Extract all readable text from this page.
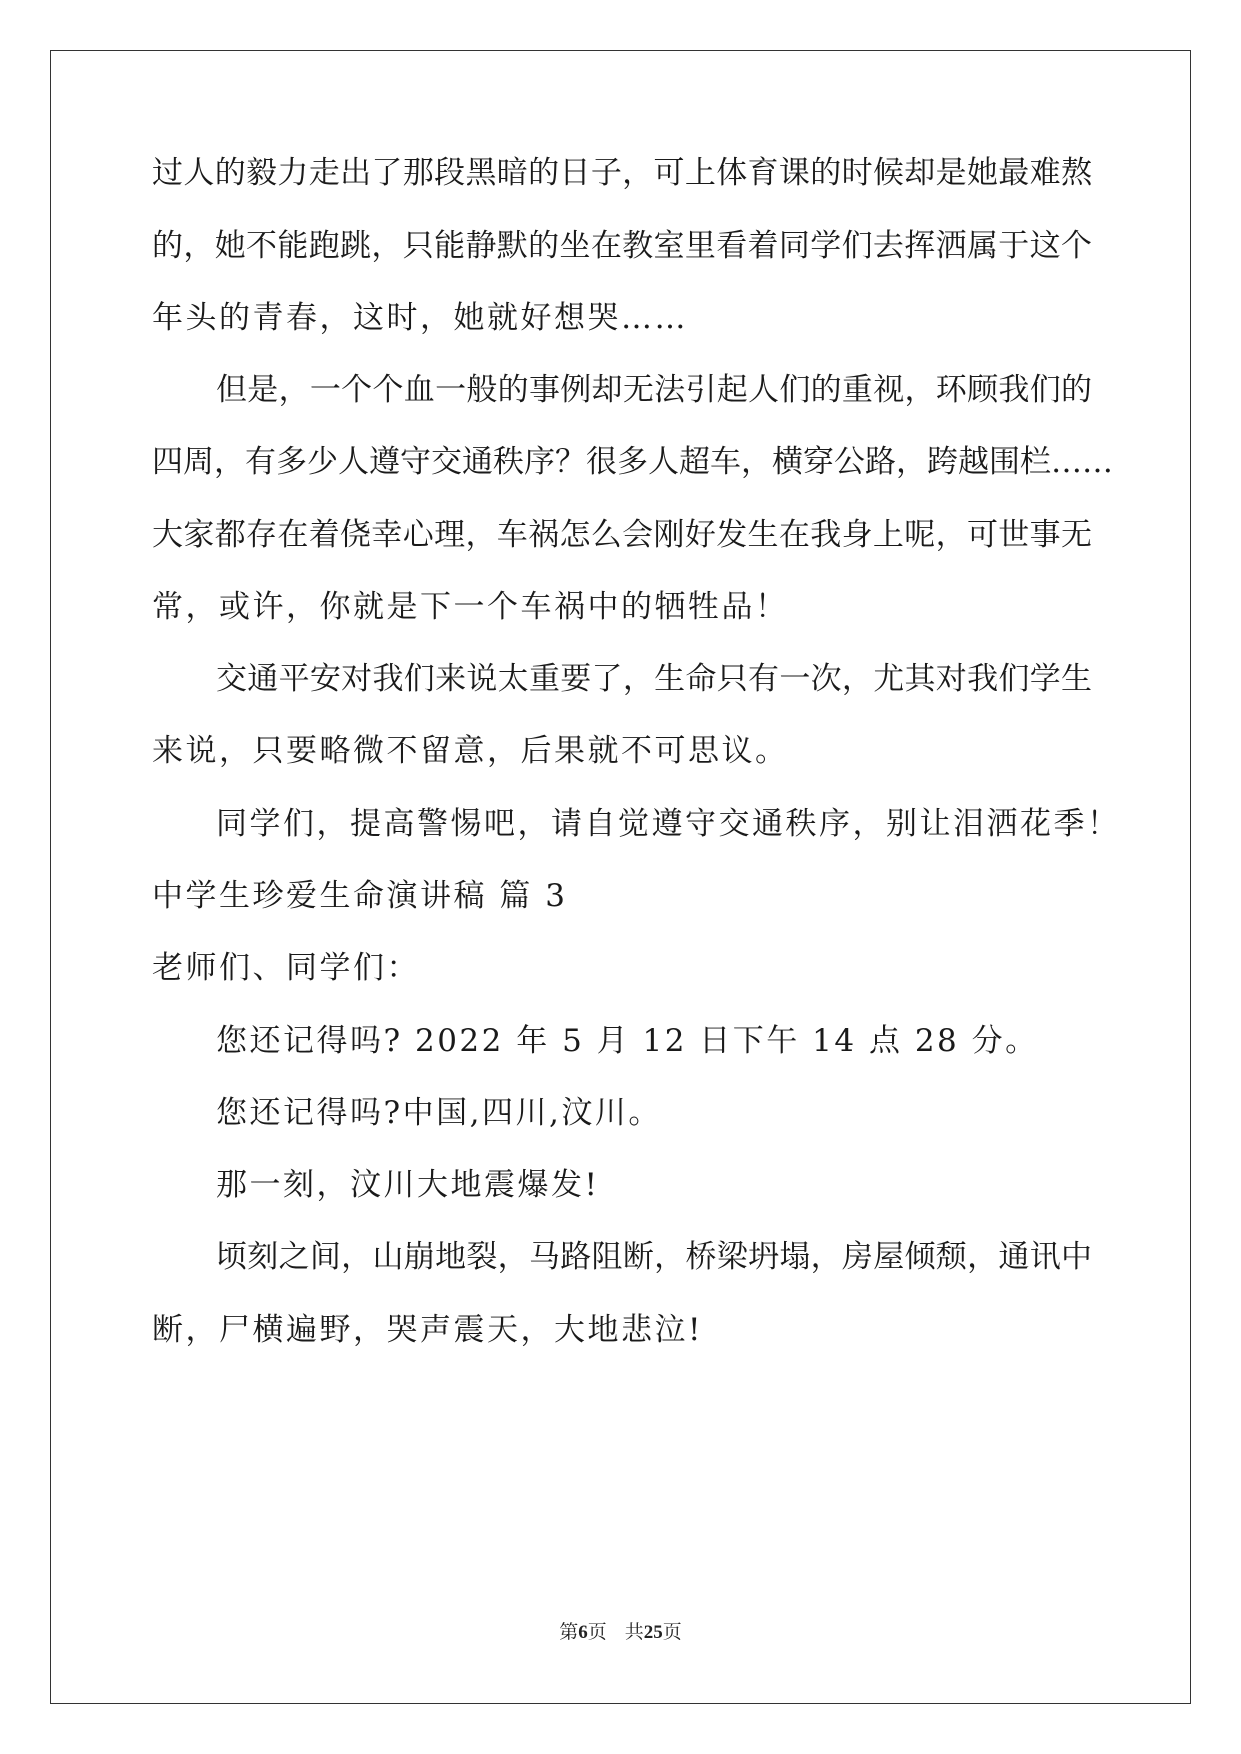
过人的毅力走出了那段黑暗的日子，可上体育课的时候却是她最难熬
的，她不能跑跳，只能静默的坐在教室里看着同学们去挥洒属于这个
年头的青春，这时，她就好想哭……
但是，一个个血一般的事例却无法引起人们的重视，环顾我们的
四周，有多少人遵守交通秩序？很多人超车，横穿公路，跨越围栏……
大家都存在着侥幸心理，车祸怎么会刚好发生在我身上呢，可世事无
常，或许，你就是下一个车祸中的牺牲品！
交通平安对我们来说太重要了，生命只有一次，尤其对我们学生
来说，只要略微不留意，后果就不可思议。
同学们，提高警惕吧，请自觉遵守交通秩序，别让泪洒花季！
中学生珍爱生命演讲稿 篇 3
老师们、同学们：
您还记得吗? 2022 年 5 月 12 日下午 14 点 28 分。
您还记得吗?中国,四川,汶川。
那一刻，汶川大地震爆发!
顷刻之间，山崩地裂，马路阻断，桥梁坍塌，房屋倾颓，通讯中
断，尸横遍野，哭声震天，大地悲泣!
第6页 共25页
